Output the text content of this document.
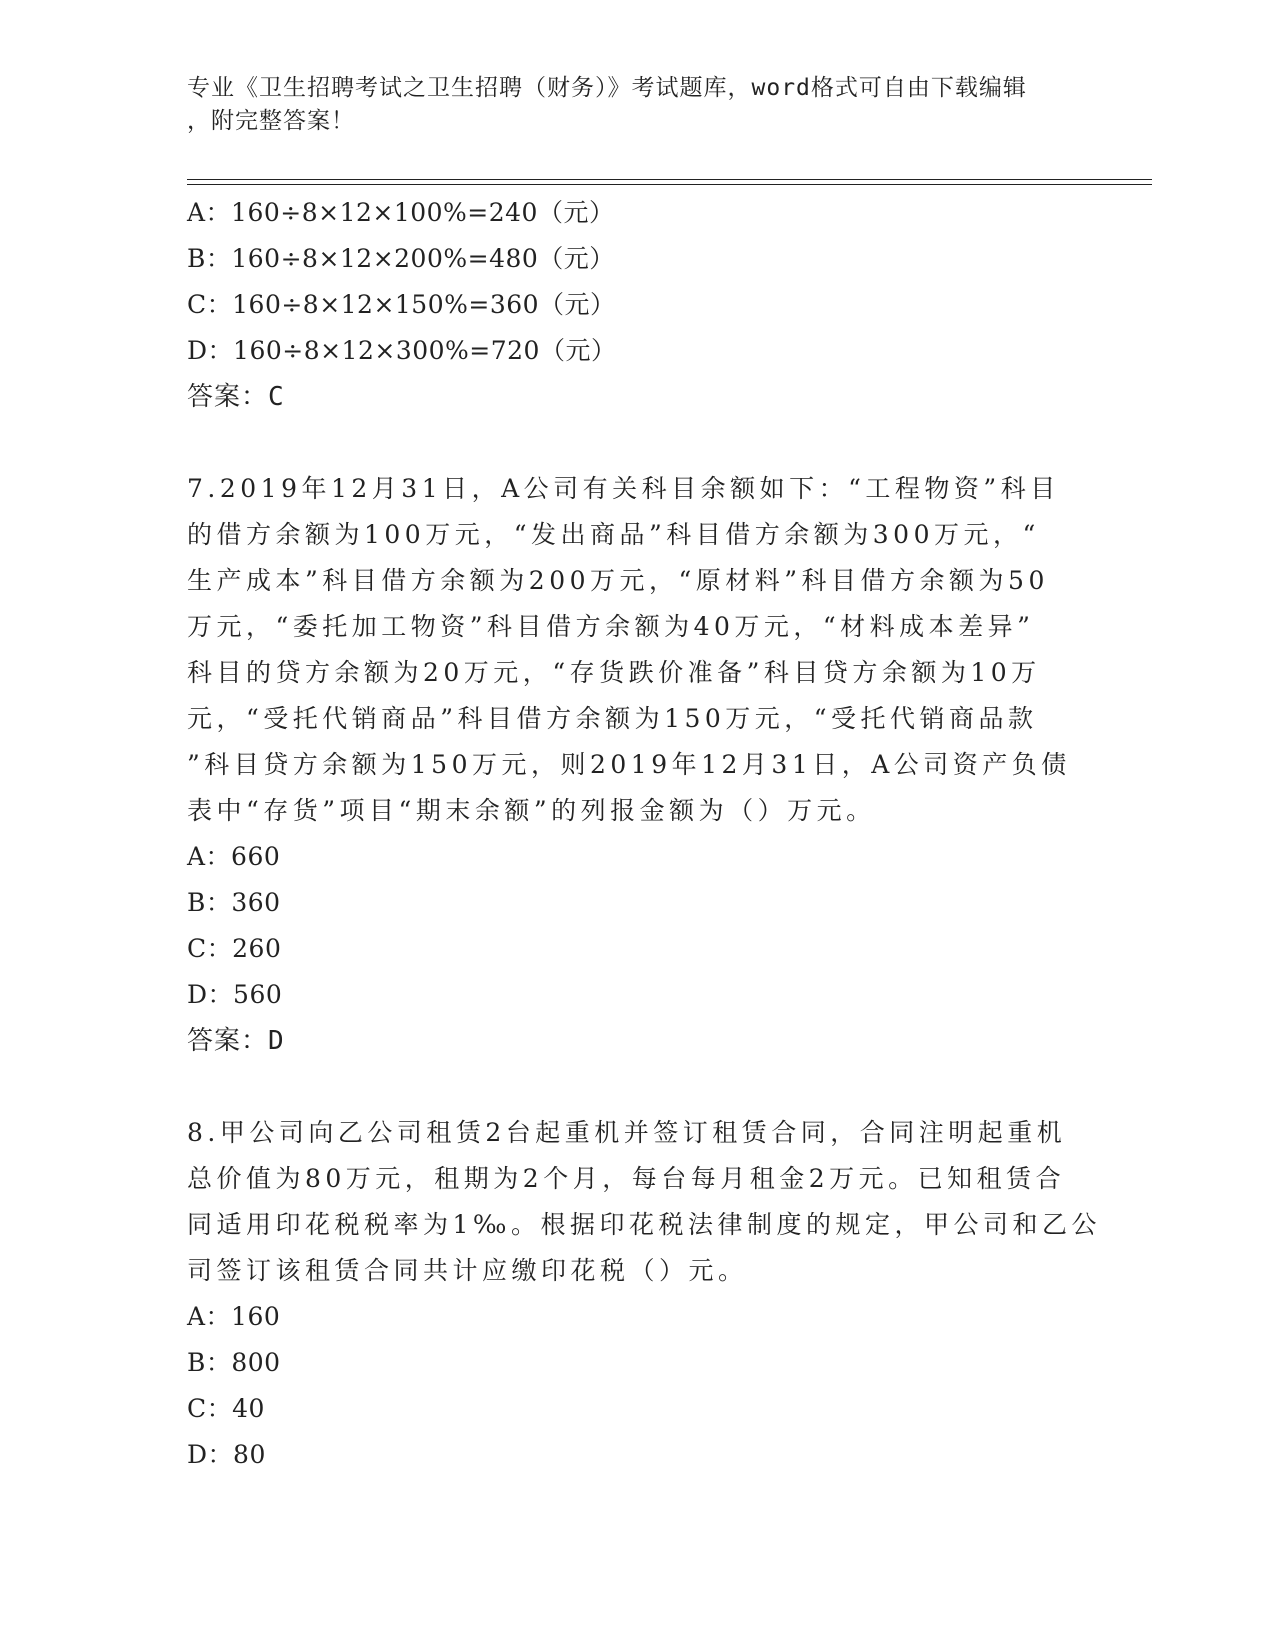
专业《卫生招聘考试之卫生招聘（财务）》考试题库，word格式可自由下载编辑
，附完整答案！
A：160÷8×12×100%=240（元）
B：160÷8×12×200%=480（元）
C：160÷8×12×150%=360（元）
D：160÷8×12×300%=720（元）
答案：C
7.2019年12月31日，A公司有关科目余额如下：“工程物资”科目
的借方余额为100万元，“发出商品”科目借方余额为300万元，“
生产成本”科目借方余额为200万元，“原材料”科目借方余额为50
万元，“委托加工物资”科目借方余额为40万元，“材料成本差异”
科目的贷方余额为20万元，“存货跌价准备”科目贷方余额为10万
元，“受托代销商品”科目借方余额为150万元，“受托代销商品款
”科目贷方余额为150万元，则2019年12月31日，A公司资产负债
表中“存货”项目“期末余额”的列报金额为（）万元。
A：660
B：360
C：260
D：560
答案：D
8.甲公司向乙公司租赁2台起重机并签订租赁合同，合同注明起重机
总价值为80万元，租期为2个月，每台每月租金2万元。已知租赁合
同适用印花税税率为1‰。根据印花税法律制度的规定，甲公司和乙公
司签订该租赁合同共计应缴印花税（）元。
A：160
B：800
C：40
D：80
